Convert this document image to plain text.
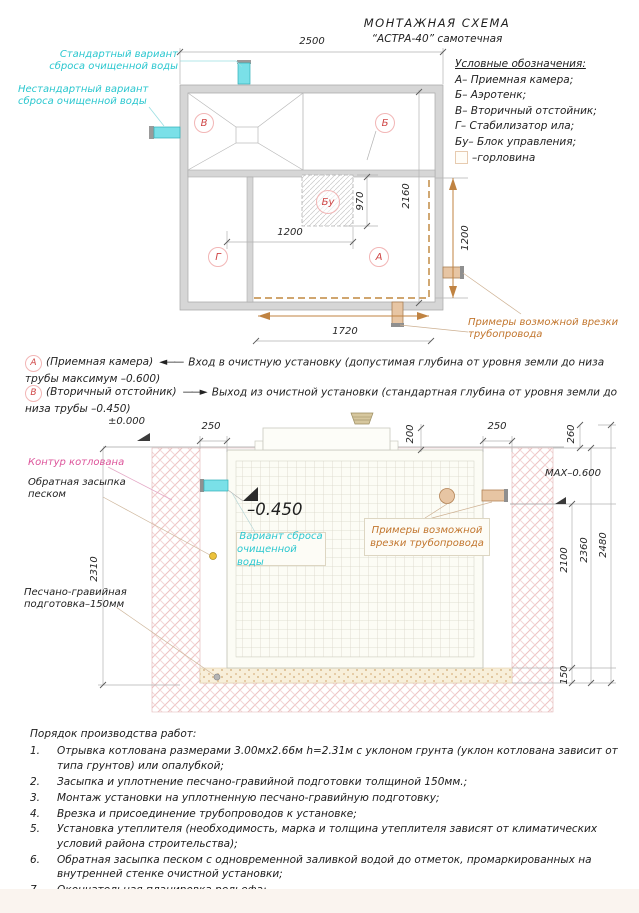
МОНТАЖНАЯ СХЕМА
“АСТРА-40” самотечная
Условные обозначения:
А– Приемная камера;
Б– Аэротенк;
В– Вторичный отстойник;
Г– Стабилизатор ила;
Бу– Блок управления;
–горловина
Стандартный вариант
сброса очищенной воды
Нестандартный вариант
сброса очищенной воды
В	Б
Бу
Г	А
2500
970	2160
1200
1200
1720
Примеры возможной врезки
трубопровода
А (Приемная камера) ◄—— Вход в очистную установку (допустимая глубина от уровня земли до низа трубы максимум –0.600)
В (Вторичный отстойник) ——► Выход из очистной установки (стандартная глубина от уровня земли до низа трубы –0.450)
±0.000
MAX–0.600
–0.450
250	200	250	260
2310	2100 2360 2480
150
Контур котлована
Обратная засыпка
песком
Песчано-гравийная
подготовка–150мм
Вариант сброса
очищенной воды
Примеры возможной
врезки трубопровода
Порядок производства работ:
1.	Отрывка котлована размерами 3.00мх2.66м h=2.31м с уклоном грунта (уклон котлована зависит от типа грунтов) или опалубкой;
2.	Засыпка и уплотнение песчано-гравийной подготовки толщиной 150мм.;
3.	Монтаж установки на уплотненную песчано-гравийную подготовку;
4.	Врезка и присоединение трубопроводов к установке;
5.	Установка утеплителя (необходимость, марка и толщина утеплителя зависят от климатических условий района строительства);
6.	Обратная засыпка песком с одновременной заливкой водой до отметок, промаркированных на внутренней стенке очистной установки;
